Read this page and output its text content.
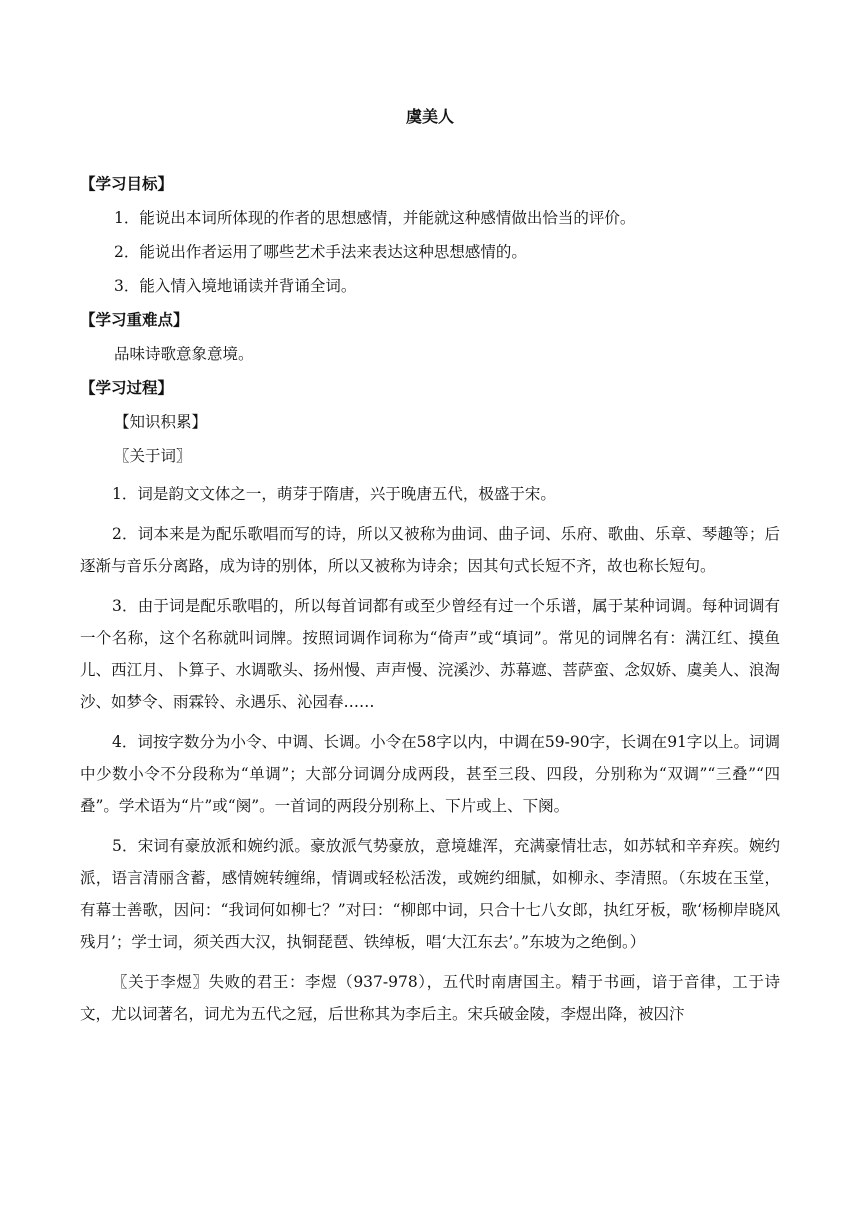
虞美人
【学习目标】
1．能说出本词所体现的作者的思想感情，并能就这种感情做出恰当的评价。
2．能说出作者运用了哪些艺术手法来表达这种思想感情的。
3．能入情入境地诵读并背诵全词。
【学习重难点】
品味诗歌意象意境。
【学习过程】
【知识积累】
〖关于词〗

1．词是韵文文体之一，萌芽于隋唐，兴于晚唐五代，极盛于宋。

2．词本来是为配乐歌唱而写的诗，所以又被称为曲词、曲子词、乐府、歌曲、乐章、琴趣等；后逐渐与音乐分离路，成为诗的别体，所以又被称为诗余；因其句式长短不齐，故也称长短句。

3．由于词是配乐歌唱的，所以每首词都有或至少曾经有过一个乐谱，属于某种词调。每种词调有一个名称，这个名称就叫词牌。按照词调作词称为“倚声”或“填词”。常见的词牌名有：满江红、摸鱼儿、西江月、卜算子、水调歌头、扬州慢、声声慢、浣溪沙、苏幕遮、菩萨蛮、念奴娇、虞美人、浪淘沙、如梦令、雨霖铃、永遇乐、沁园春……

4．词按字数分为小令、中调、长调。小令在58字以内，中调在59-90字，长调在91字以上。词调中少数小令不分段称为“单调”；大部分词调分成两段，甚至三段、四段，分别称为“双调”“三叠”“四叠”。学术语为“片”或“阕”。一首词的两段分别称上、下片或上、下阕。

5．宋词有豪放派和婉约派。豪放派气势豪放，意境雄浑，充满豪情壮志，如苏轼和辛弃疾。婉约派，语言清丽含蓄，感情婉转缠绵，情调或轻松活泼，或婉约细腻，如柳永、李清照。（东坡在玉堂，有幕士善歌，因问：“我词何如柳七？”对曰：“柳郎中词，只合十七八女郎，执红牙板，歌‘杨柳岸晓风残月’；学士词，须关西大汉，执铜琵琶、铁绰板，唱‘大江东去’。”东坡为之绝倒。）

〖关于李煜〗失败的君王：李煜（937-978），五代时南唐国主。精于书画，谙于音律，工于诗文，尤以词著名，词尤为五代之冠，后世称其为李后主。宋兵破金陵，李煜出降，被囚汴
